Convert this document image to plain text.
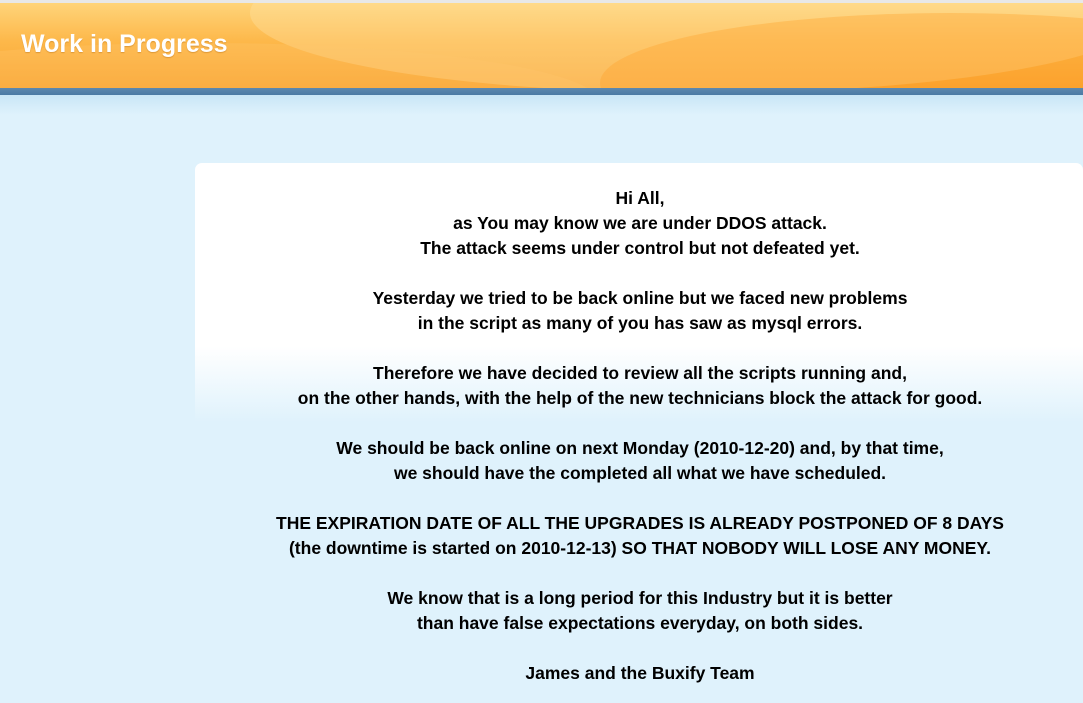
Work in Progress

Hi All,
as You may know we are under DDOS attack.
The attack seems under control but not defeated yet.

Yesterday we tried to be back online but we faced new problems
in the script as many of you has saw as mysql errors.

Therefore we have decided to review all the scripts running and,
on the other hands, with the help of the new technicians block the attack for good.

We should be back online on next Monday (2010-12-20) and, by that time,
we should have the completed all what we have scheduled.

THE EXPIRATION DATE OF ALL THE UPGRADES IS ALREADY POSTPONED OF 8 DAYS
(the downtime is started on 2010-12-13) SO THAT NOBODY WILL LOSE ANY MONEY.

We know that is a long period for this Industry but it is better
than have false expectations everyday, on both sides.

James and the Buxify Team
